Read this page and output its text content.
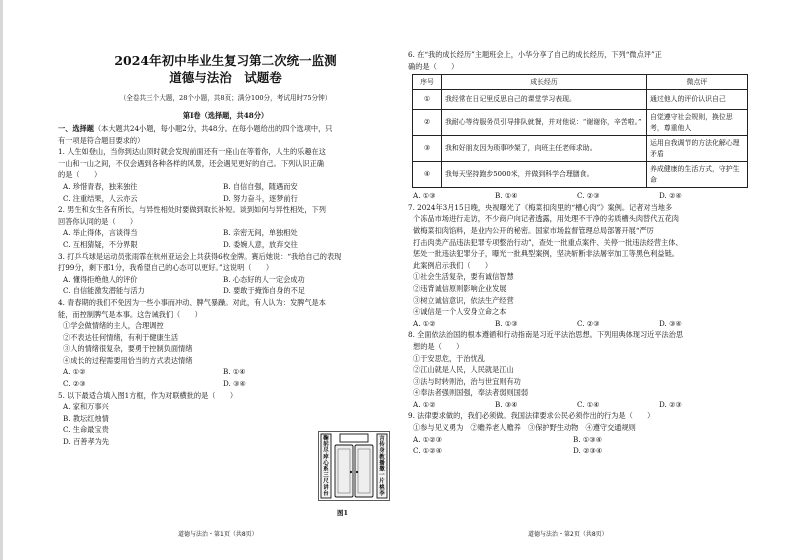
2024年初中毕业生复习第二次统一监测

道德与法治　试题卷

（全卷共三个大题，28个小题，共8页；满分100分，考试用时75分钟）

第Ⅰ卷（选择题，共48分）

一、选择题（本大题共24小题，每小题2分，共48分。在每小题给出的四个选项中，只

有一项是符合题目要求的）

1. 人生如登山，当你到达山顶时就会发现前面还有一座山在等着你，人生的乐趣在这

一山和一山之间，不仅会遇到各种各样的风景，还会遇见更好的自己。下列认识正确

的是（　　）

A. 珍惜青春，独来独往	B. 自信自强，随遇而安
C. 注重结果，人云亦云	D. 努力奋斗，逐梦前行

2. 男生和女生各有所长，与异性相处时要做到取长补短。谈到如何与异性相处，下列

回答你认同的是（　　）

A. 举止得体，言谈得当	B. 亲密无间，单独相处
C. 互相猜疑，不分界限	D. 委婉人意，放弃交往

3. 打乒乓球是运动员张雨霏在杭州亚运会上共获得6枚金牌。赛后她说：“我给自己的表现

打99分，剩下那1分，我希望自己的心态可以更好。”这说明（　　）

A. 懂得拒绝他人的评价	B. 心态好的人一定会成功
C. 自信能激发潜能与活力	D. 要敢于掩饰自身的不足

4. 青春期的我们不免因为一些小事而冲动、脾气暴躁。对此，有人认为：发脾气是本

能，而控制脾气是本事。这告诫我们（　　）

①学会做情绪的主人，合理调控

②不表达任何情绪，有利于健康生活

③人的情绪很复杂，要勇于控制负面情绪

④成长的过程需要用恰当的方式表达情绪

A. ①②	B. ①④
C. ②③	D. ③④

5. 以下最适合填入图1方框，作为对联横批的是（　　）

A. 家和万事兴

B. 教坛红烛情

C. 生命最宝贵

D. 百善孝为先	鞠躬尽瘁心系三尺讲台
言传身教播撒一片桃李
图1

6. 在“我的成长经历”主题班会上，小华分享了自己的成长经历，下列“微点评”正

确的是（　　）

序号	成长经历	微点评
①	我经常在日记里反思自己的课堂学习表现。	通过他人的评价认识自己
②	我耐心等待服务员引导排队就餐，并对他说：“谢谢你，辛苦啦。”	自觉遵守社会规则，换位思考，尊重他人
③	我和好朋友因为琐事吵架了，向班主任老师求助。	运用自我调节的方法化解心理矛盾
④	我每天坚持跑步5000米，并做到科学合理膳食。	养成健康的生活方式，守护生命
A. ①③	B. ①④	C. ②③	D. ②④

7. 2024年3月15日晚，央视曝光了《梅菜扣肉里的“槽心肉”》案例。记者对当地多

个冻品市场进行走访，不少商户向记者透露，用处理不干净的劣质槽头肉替代五花肉

做梅菜扣肉馅料，是业内公开的秘密。国家市场监督管理总局部署开展“严厉

打击肉类产品违法犯罪专项整治行动”，查处一批重点案件、关停一批违法经营主体、

惩处一批违法犯罪分子，曝光一批典型案例，坚决斩断非法屠宰加工等黑色利益链。

此案例启示我们（　　）

①社会生活复杂，要有诚信智慧

②违背诚信原则影响企业发展

③树立诚信意识，依法生产经营

④诚信是一个人安身立命之本

A. ①②	B. ①③	C. ②③	D. ③④

8. 全面依法治国的根本遵循和行动指南是习近平法治思想。下列用典体现习近平法治思

想的是（　　）

①于安思危，于治忧乱

②江山就是人民，人民就是江山

③法与时转则治，治与世宜则有功

④奉法者强则国强，奉法者弱则国弱

A. ①②	B. ③④	C. ①④	D. ②③

9. 法律要求做的，我们必须做。我国法律要求公民必须作出的行为是（　　）

①参与见义勇为　②赡养老人赡养　③保护野生动物　④遵守交通规则

A. ①②③	B. ①③④
C. ①②④	D. ②③④
道德与法治・第1页（共8页）	道德与法治・第2页（共8页）
